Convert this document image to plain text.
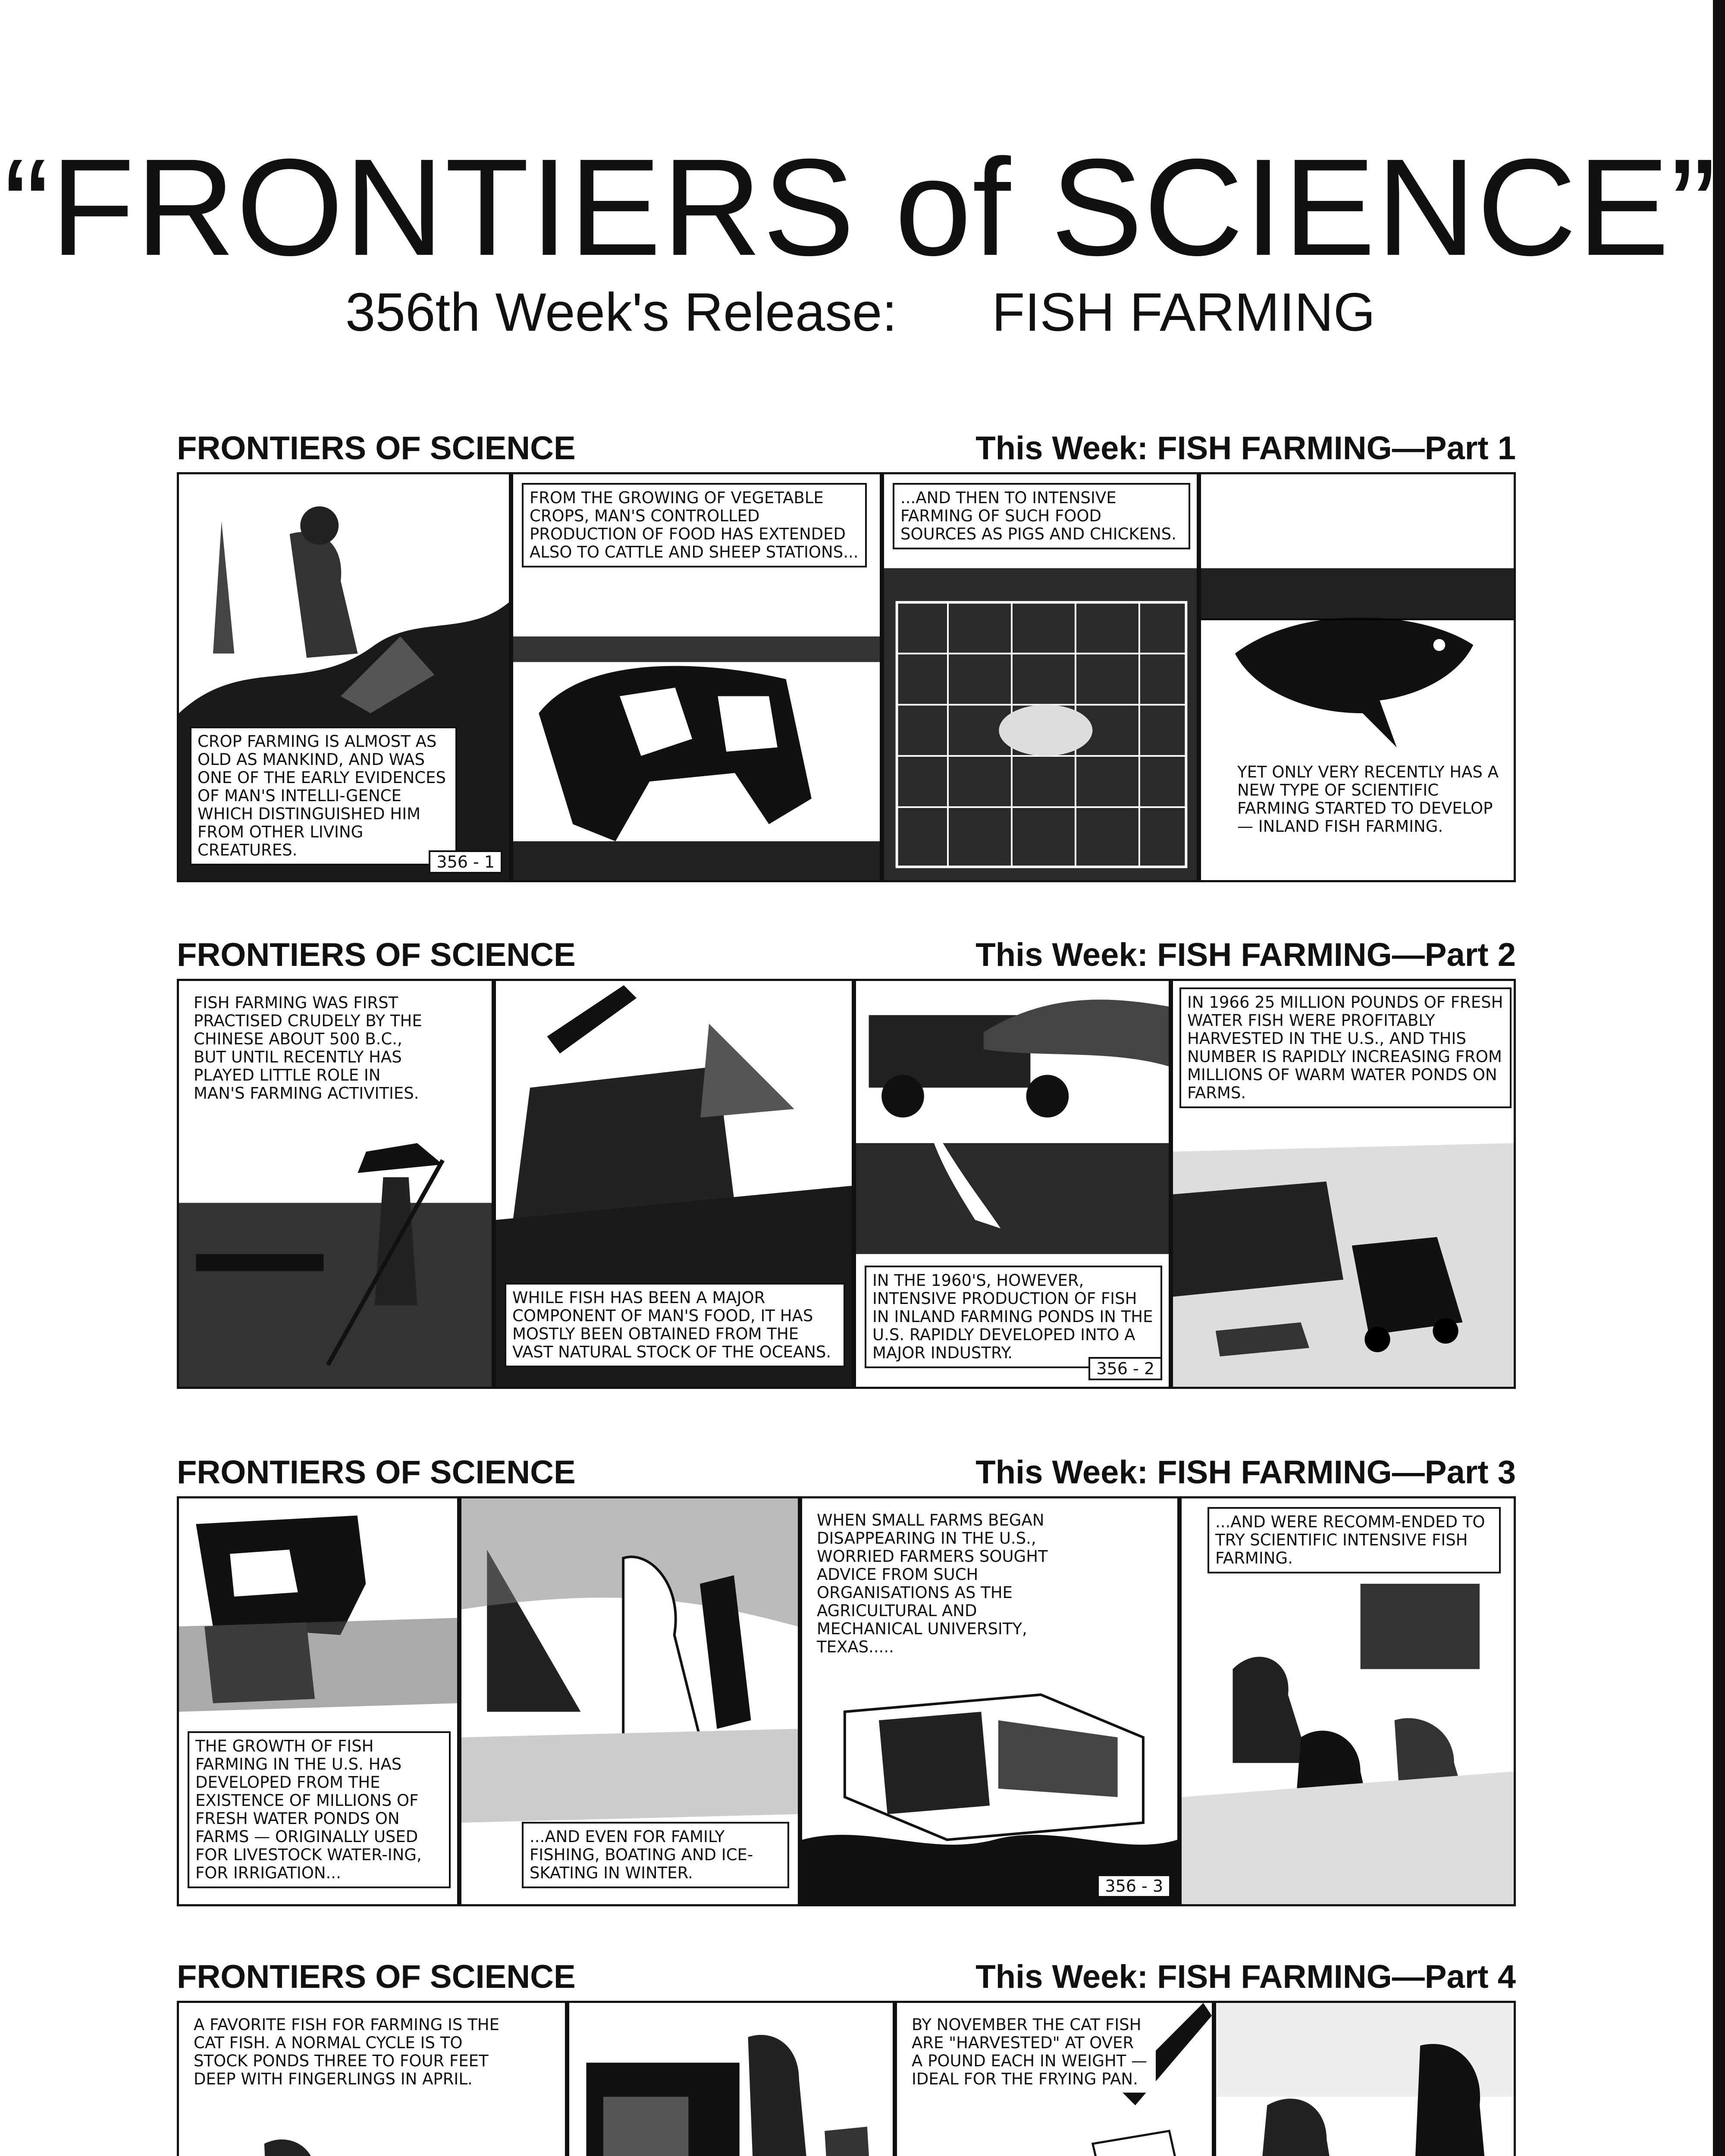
“FRONTIERS of SCIENCE”
356th Week's Release: FISH FARMING
FRONTIERS OF SCIENCE	This Week: FISH FARMING—Part 1
CROP FARMING IS ALMOST AS OLD AS MANKIND, AND WAS ONE OF THE EARLY EVIDENCES OF MAN'S INTELLI-GENCE WHICH DISTINGUISHED HIM FROM OTHER LIVING CREATURES.
356 - 1
FROM THE GROWING OF VEGETABLE CROPS, MAN'S CONTROLLED PRODUCTION OF FOOD HAS EXTENDED ALSO TO CATTLE AND SHEEP STATIONS...
...AND THEN TO INTENSIVE FARMING OF SUCH FOOD SOURCES AS PIGS AND CHICKENS.
YET ONLY VERY RECENTLY HAS A NEW TYPE OF SCIENTIFIC FARMING STARTED TO DEVELOP — INLAND FISH FARMING.
FRONTIERS OF SCIENCE	This Week: FISH FARMING—Part 2
FISH FARMING WAS FIRST PRACTISED CRUDELY BY THE CHINESE ABOUT 500 B.C., BUT UNTIL RECENTLY HAS PLAYED LITTLE ROLE IN MAN'S FARMING ACTIVITIES.
WHILE FISH HAS BEEN A MAJOR COMPONENT OF MAN'S FOOD, IT HAS MOSTLY BEEN OBTAINED FROM THE VAST NATURAL STOCK OF THE OCEANS.
IN THE 1960'S, HOWEVER, INTENSIVE PRODUCTION OF FISH IN INLAND FARMING PONDS IN THE U.S. RAPIDLY DEVELOPED INTO A MAJOR INDUSTRY.
356 - 2
IN 1966 25 MILLION POUNDS OF FRESH WATER FISH WERE PROFITABLY HARVESTED IN THE U.S., AND THIS NUMBER IS RAPIDLY INCREASING FROM MILLIONS OF WARM WATER PONDS ON FARMS.
FRONTIERS OF SCIENCE	This Week: FISH FARMING—Part 3
THE GROWTH OF FISH FARMING IN THE U.S. HAS DEVELOPED FROM THE EXISTENCE OF MILLIONS OF FRESH WATER PONDS ON FARMS — ORIGINALLY USED FOR LIVESTOCK WATER-ING, FOR IRRIGATION...
...AND EVEN FOR FAMILY FISHING, BOATING AND ICE-SKATING IN WINTER.
WHEN SMALL FARMS BEGAN DISAPPEARING IN THE U.S., WORRIED FARMERS SOUGHT ADVICE FROM SUCH ORGANISATIONS AS THE AGRICULTURAL AND MECHANICAL UNIVERSITY, TEXAS.....
356 - 3
...AND WERE RECOMM-ENDED TO TRY SCIENTIFIC INTENSIVE FISH FARMING.
FRONTIERS OF SCIENCE	This Week: FISH FARMING—Part 4
A FAVORITE FISH FOR FARMING IS THE CAT FISH. A NORMAL CYCLE IS TO STOCK PONDS THREE TO FOUR FEET DEEP WITH FINGERLINGS IN APRIL.
BY NOVEMBER THE CAT FISH ARE "HARVESTED" AT OVER A POUND EACH IN WEIGHT — IDEAL FOR THE FRYING PAN.
